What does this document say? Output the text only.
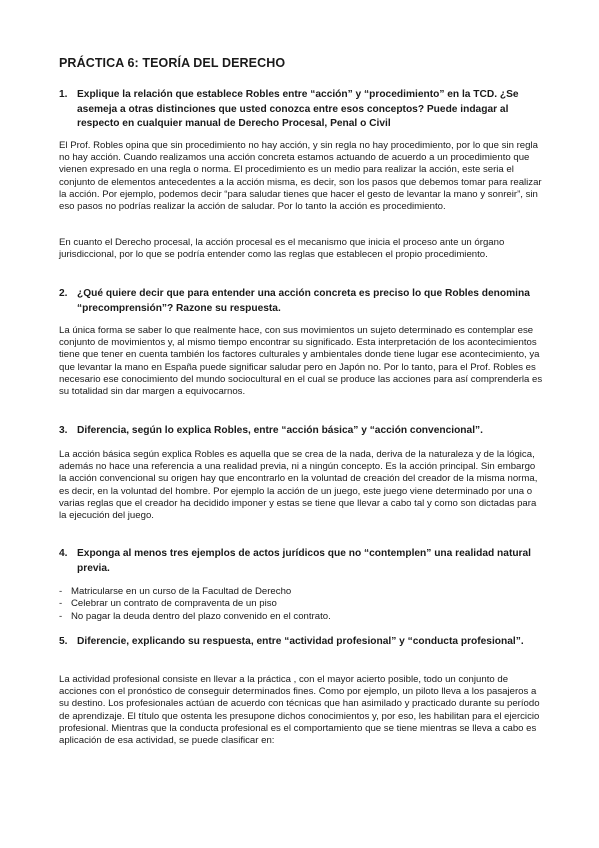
PRÁCTICA 6: TEORÍA DEL DERECHO
1. Explique la relación que establece Robles entre “acción” y “procedimiento” en la TCD. ¿Se asemeja a otras distinciones que usted conozca entre esos conceptos? Puede indagar al respecto en cualquier manual de Derecho Procesal, Penal o Civil

El Prof. Robles opina que sin procedimiento no hay acción, y sin regla no hay procedimiento, por lo que sin regla no hay acción. Cuando realizamos una acción concreta estamos actuando de acuerdo a un procedimiento que vienen expresado en una regla o norma. El procedimiento es un medio para realizar la acción, este seria el conjunto de elementos antecedentes a la acción misma, es decir, son los pasos que debemos tomar para realizar la acción. Por ejemplo, podemos decir “para saludar tienes que hacer el gesto de levantar la mano y sonreir”, sin eso pasos no podrías realizar la acción de saludar. Por lo tanto la acción es procedimiento.

En cuanto el Derecho procesal, la acción procesal es el mecanismo que inicia el proceso ante un órgano jurisdiccional, por lo que se podría entender como las reglas que establecen el propio procedimiento.

2. ¿Qué quiere decir que para entender una acción concreta es preciso lo que Robles denomina “precomprensión”? Razone su respuesta.

La única forma se saber lo que realmente hace, con sus movimientos un sujeto determinado es contemplar ese conjunto de movimientos y, al mismo tiempo encontrar su significado. Esta interpretación de los acontecimientos tiene que tener en cuenta también los factores culturales y ambientales donde tiene lugar ese acontecimiento, ya que levantar la mano en España puede significar saludar pero en Japón no. Por lo tanto, para el Prof. Robles es necesario ese conocimiento del mundo sociocultural en el cual se produce las acciones para así comprenderla es su totalidad sin dar margen a equivocarnos.

3. Diferencia, según lo explica Robles, entre “acción básica” y “acción convencional”.

La acción básica según explica Robles es aquella que se crea de la nada, deriva de la naturaleza y de la lógica, además no hace una referencia a una realidad previa, ni a ningún concepto. Es la acción principal. Sin embargo la acción convencional su origen hay que encontrarlo en la voluntad de creación del creador de la misma norma, es decir, en la voluntad del hombre. Por ejemplo la acción de un juego, este juego viene determinado por una o varias reglas que el creador ha decidido imponer y estas se tiene que llevar a cabo tal y como son dictadas para la ejecución del juego.

4. Exponga al menos tres ejemplos de actos jurídicos que no “contemplen” una realidad natural previa.
- Matricularse en un curso de la Facultad de Derecho
- Celebrar un contrato de compraventa de un piso
- No pagar la deuda dentro del plazo convenido en el contrato.
5. Diferencie, explicando su respuesta, entre “actividad profesional” y “conducta profesional”.

La actividad profesional consiste en llevar a la práctica , con el mayor acierto posible, todo un conjunto de acciones con el pronóstico de conseguir determinados fines. Como por ejemplo, un piloto lleva a los pasajeros a su destino. Los profesionales actúan de acuerdo con técnicas que han asimilado y practicado durante su período de aprendizaje. El título que ostenta les presupone dichos conocimientos y, por eso, les habilitan para el ejercicio profesional. Mientras que la conducta profesional es el comportamiento que se tiene mientras se lleva a cabo es aplicación de esa actividad, se puede clasificar en:
